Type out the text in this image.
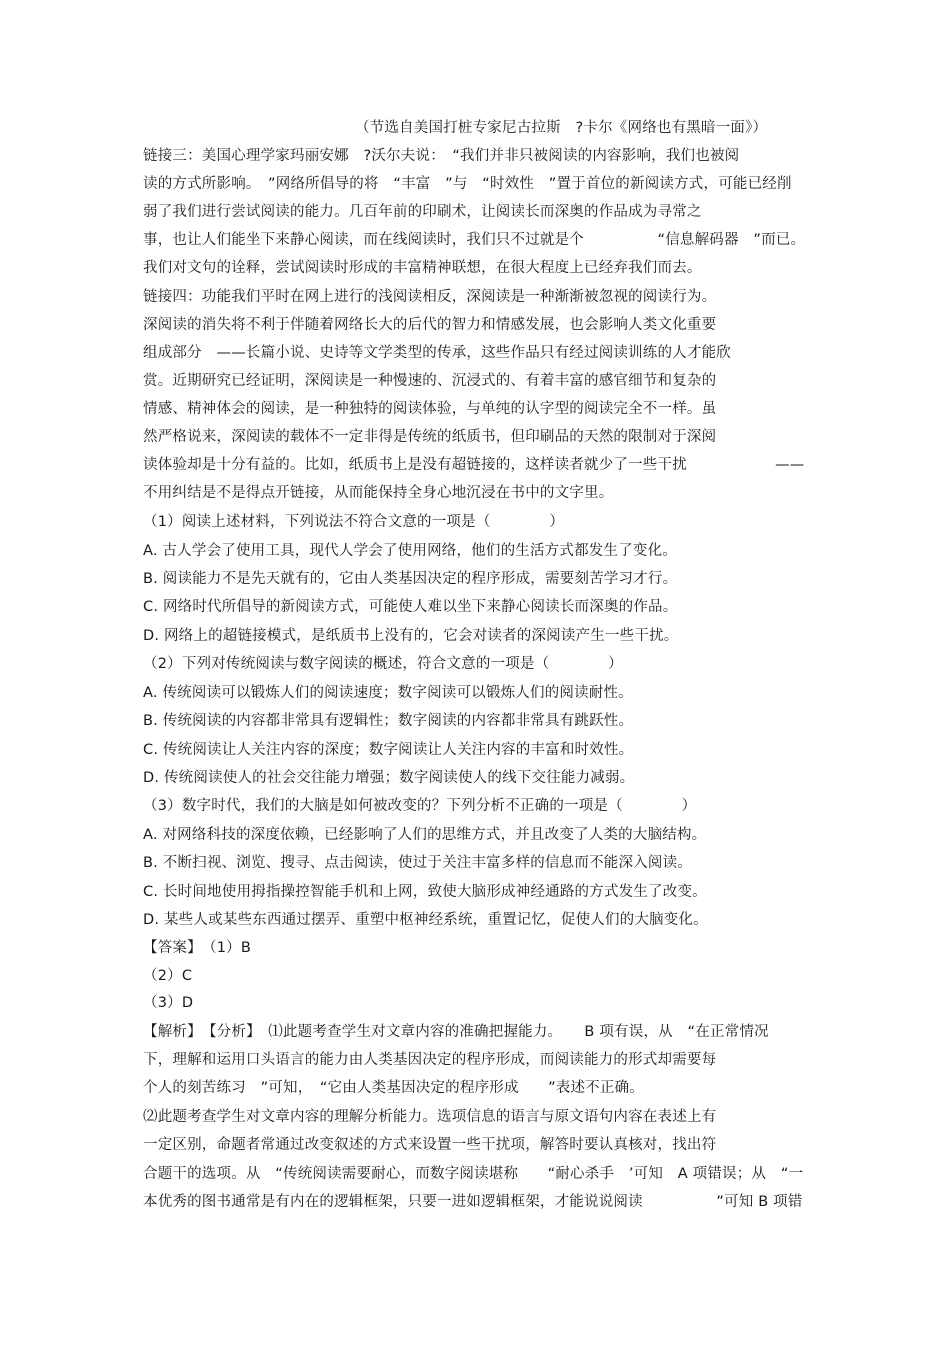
（节选自美国打桩专家尼古拉斯　?卡尔《网络也有黑暗一面》）
链接三：美国心理学家玛丽安娜　?沃尔夫说：　“我们并非只被阅读的内容影响，我们也被阅
读的方式所影响。　”网络所倡导的将　“丰富　”与　“时效性　”置于首位的新阅读方式，可能已经削
弱了我们进行尝试阅读的能力。几百年前的印刷术，让阅读长而深奥的作品成为寻常之
事，也让人们能坐下来静心阅读，而在线阅读时，我们只不过就是个　　　　　“信息解码器　”而已。
我们对文句的诠释，尝试阅读时形成的丰富精神联想，在很大程度上已经弃我们而去。
链接四：功能我们平时在网上进行的浅阅读相反，深阅读是一种渐渐被忽视的阅读行为。
深阅读的消失将不利于伴随着网络长大的后代的智力和情感发展，也会影响人类文化重要
组成部分　——长篇小说、史诗等文学类型的传承，这些作品只有经过阅读训练的人才能欣
赏。近期研究已经证明，深阅读是一种慢速的、沉浸式的、有着丰富的感官细节和复杂的
情感、精神体会的阅读，是一种独特的阅读体验，与单纯的认字型的阅读完全不一样。虽
然严格说来，深阅读的载体不一定非得是传统的纸质书，但印刷品的天然的限制对于深阅
读体验却是十分有益的。比如，纸质书上是没有超链接的，这样读者就少了一些干扰　　　　　　——
不用纠结是不是得点开链接，从而能保持全身心地沉浸在书中的文字里。
（1）阅读上述材料，下列说法不符合文意的一项是（　　　　）
A. 古人学会了使用工具，现代人学会了使用网络，他们的生活方式都发生了变化。
B. 阅读能力不是先天就有的，它由人类基因决定的程序形成，需要刻苦学习才行。
C. 网络时代所倡导的新阅读方式，可能使人难以坐下来静心阅读长而深奥的作品。
D. 网络上的超链接模式，是纸质书上没有的，它会对读者的深阅读产生一些干扰。
（2）下列对传统阅读与数字阅读的概述，符合文意的一项是（　　　　）
A. 传统阅读可以锻炼人们的阅读速度；数字阅读可以锻炼人们的阅读耐性。
B. 传统阅读的内容都非常具有逻辑性；数字阅读的内容都非常具有跳跃性。
C. 传统阅读让人关注内容的深度；数字阅读让人关注内容的丰富和时效性。
D. 传统阅读使人的社会交往能力增强；数字阅读使人的线下交往能力减弱。
（3）数字时代，我们的大脑是如何被改变的？下列分析不正确的一项是（　　　　）
A. 对网络科技的深度依赖，已经影响了人们的思维方式，并且改变了人类的大脑结构。
B. 不断扫视、浏览、搜寻、点击阅读，使过于关注丰富多样的信息而不能深入阅读。
C. 长时间地使用拇指操控智能手机和上网，致使大脑形成神经通路的方式发生了改变。
D. 某些人或某些东西通过摆弄、重塑中枢神经系统，重置记忆，促使人们的大脑变化。
【答案】　（1）B
（2）C
（3）D
【解析】　【分析】　⑴此题考查学生对文章内容的准确把握能力。　　B 项有误，从　“在正常情况
下，理解和运用口头语言的能力由人类基因决定的程序形成，而阅读能力的形式却需要每
个人的刻苦练习　”可知，　“它由人类基因决定的程序形成　　”表述不正确。
⑵此题考查学生对文章内容的理解分析能力。选项信息的语言与原文语句内容在表述上有
一定区别，命题者常通过改变叙述的方式来设置一些干扰项，解答时要认真核对，找出符
合题干的选项。从　“传统阅读需要耐心，而数字阅读堪称　　“耐心杀手　’可知　A 项错误；从　“一
本优秀的图书通常是有内在的逻辑框架，只要一进如逻辑框架，才能说说阅读　　　　　”可知 B 项错
